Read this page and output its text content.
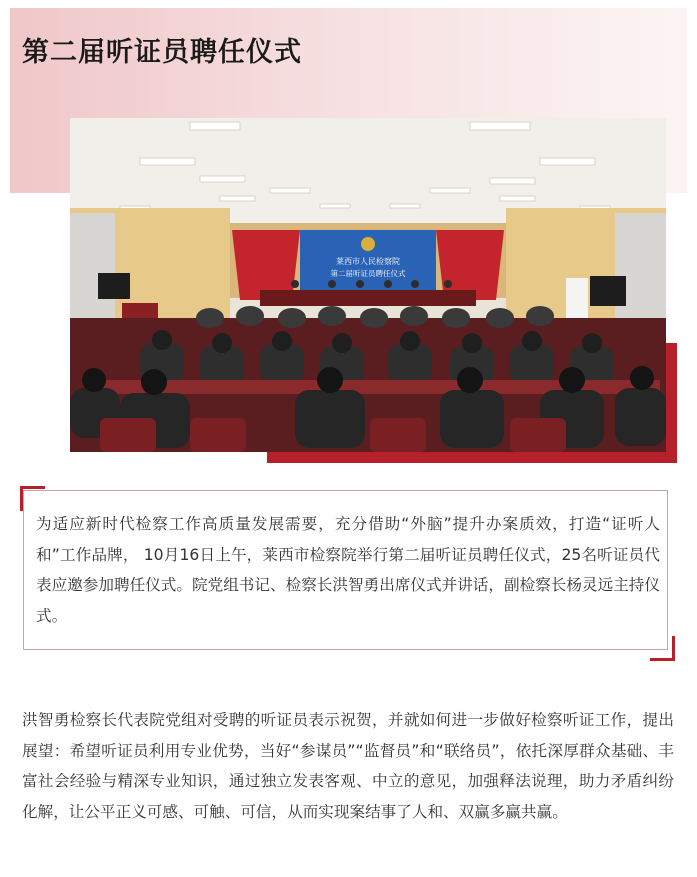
第二届听证员聘任仪式
莱西市人民检察院
第二届听证员聘任仪式

为适应新时代检察工作高质量发展需要，充分借助“外脑”提升办案质效，打造“证听人和”工作品牌， 10月16日上午，莱西市检察院举行第二届听证员聘任仪式，25名听证员代表应邀参加聘任仪式。院党组书记、检察长洪智勇出席仪式并讲话，副检察长杨灵远主持仪式。

洪智勇检察长代表院党组对受聘的听证员表示祝贺，并就如何进一步做好检察听证工作，提出展望：希望听证员利用专业优势，当好“参谋员”“监督员”和“联络员”，依托深厚群众基础、丰富社会经验与精深专业知识，通过独立发表客观、中立的意见，加强释法说理，助力矛盾纠纷化解，让公平正义可感、可触、可信，从而实现案结事了人和、双赢多赢共赢。
